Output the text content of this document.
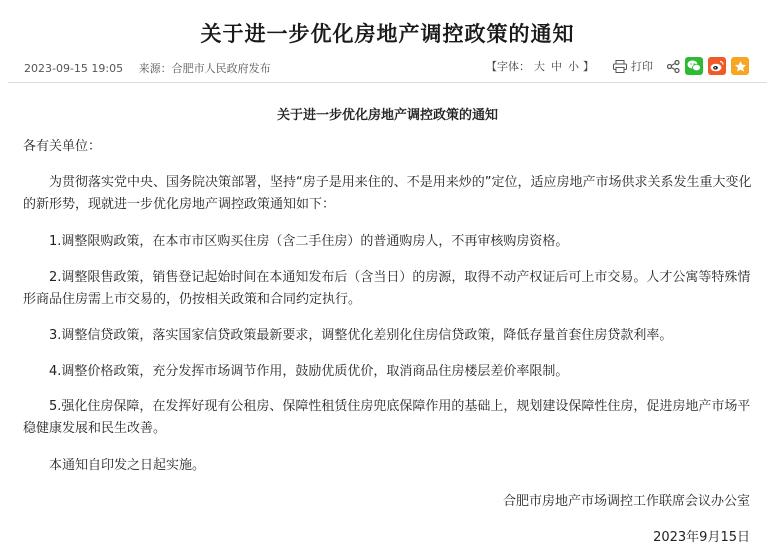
关于进一步优化房地产调控政策的通知
2023-09-15 19:05 来源：合肥市人民政府发布	【字体： 大 中 小 】	打印
关于进一步优化房地产调控政策的通知

各有关单位：

为贯彻落实党中央、国务院决策部署，坚持“房子是用来住的、不是用来炒的”定位，适应房地产市场供求关系发生重大变化的新形势，现就进一步优化房地产调控政策通知如下：

1.调整限购政策，在本市市区购买住房（含二手住房）的普通购房人，不再审核购房资格。

2.调整限售政策，销售登记起始时间在本通知发布后（含当日）的房源，取得不动产权证后可上市交易。人才公寓等特殊情形商品住房需上市交易的，仍按相关政策和合同约定执行。

3.调整信贷政策，落实国家信贷政策最新要求，调整优化差别化住房信贷政策，降低存量首套住房贷款利率。

4.调整价格政策，充分发挥市场调节作用，鼓励优质优价，取消商品住房楼层差价率限制。

5.强化住房保障，在发挥好现有公租房、保障性租赁住房兜底保障作用的基础上，规划建设保障性住房，促进房地产市场平稳健康发展和民生改善。

本通知自印发之日起实施。

合肥市房地产市场调控工作联席会议办公室
2023年9月15日
